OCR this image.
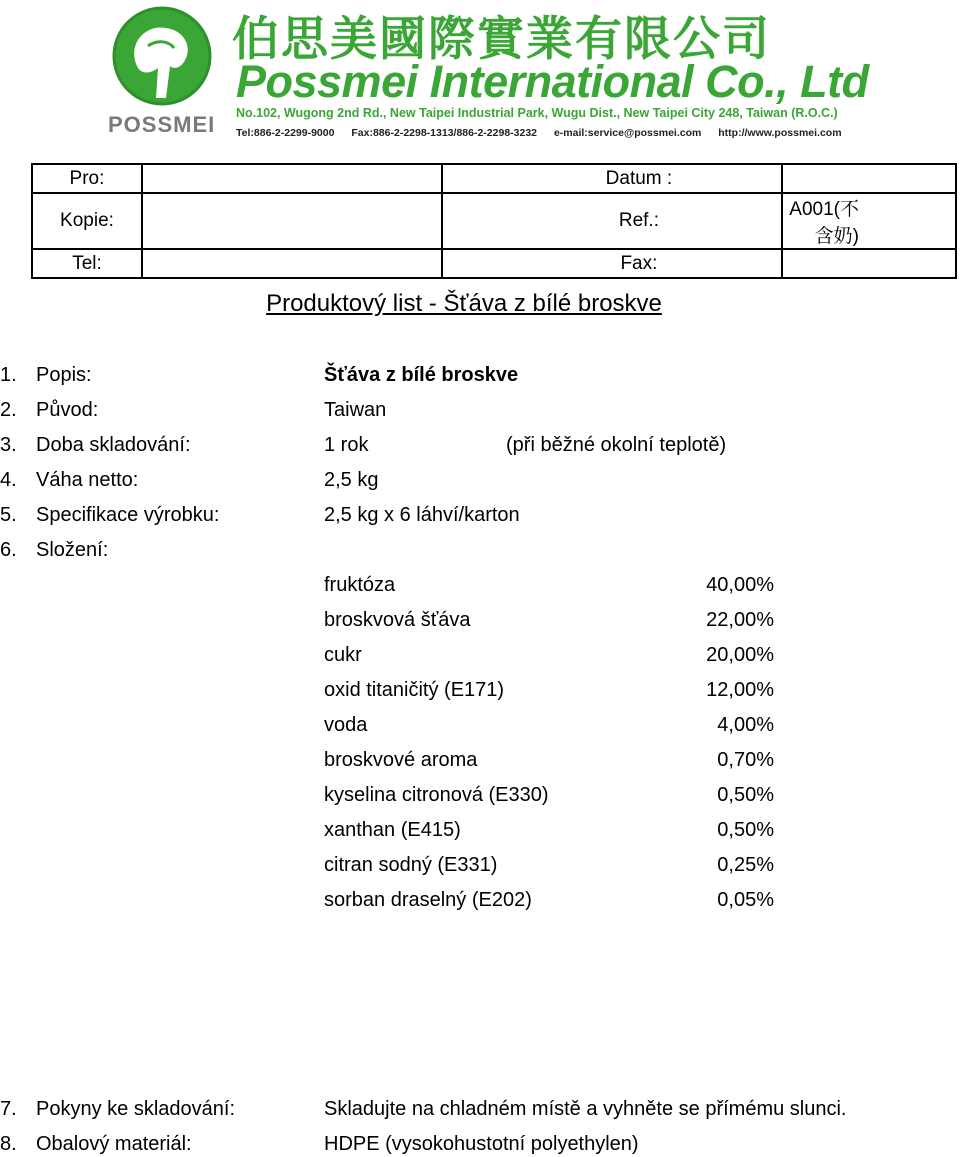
POSSMEI
伯思美國際實業有限公司
Possmei International Co., Ltd
No.102, Wugong 2nd Rd., New Taipei Industrial Park, Wugu Dist., New Taipei City 248, Taiwan (R.O.C.)
Tel:886-2-2299-9000 Fax:886-2-2298-1313/886-2-2298-3232 e-mail:service@possmei.com http://www.possmei.com
Pro:		Datum :	
Kopie:		Ref.:	A001(不含奶)
Tel:		Fax:	
Produktový list - Šťáva z bílé broskve
1. Popis:	Šťáva z bílé broskve
2. Původ:	Taiwan
3. Doba skladování:	1 rok	(při běžné okolní teplotě)
4. Váha netto:	2,5 kg
5. Specifikace výrobku:	2,5 kg x 6 láhví/karton
6. Složení:
fruktóza	40,00%
broskvová šťáva	22,00%
cukr	20,00%
oxid titaničitý (E171)	12,00%
voda	4,00%
broskvové aroma	0,70%
kyselina citronová (E330)	0,50%
xanthan (E415)	0,50%
citran sodný (E331)	0,25%
sorban draselný (E202)	0,05%
7. Pokyny ke skladování:	Skladujte na chladném místě a vyhněte se přímému slunci.
8. Obalový materiál:	HDPE (vysokohustotní polyethylen)
